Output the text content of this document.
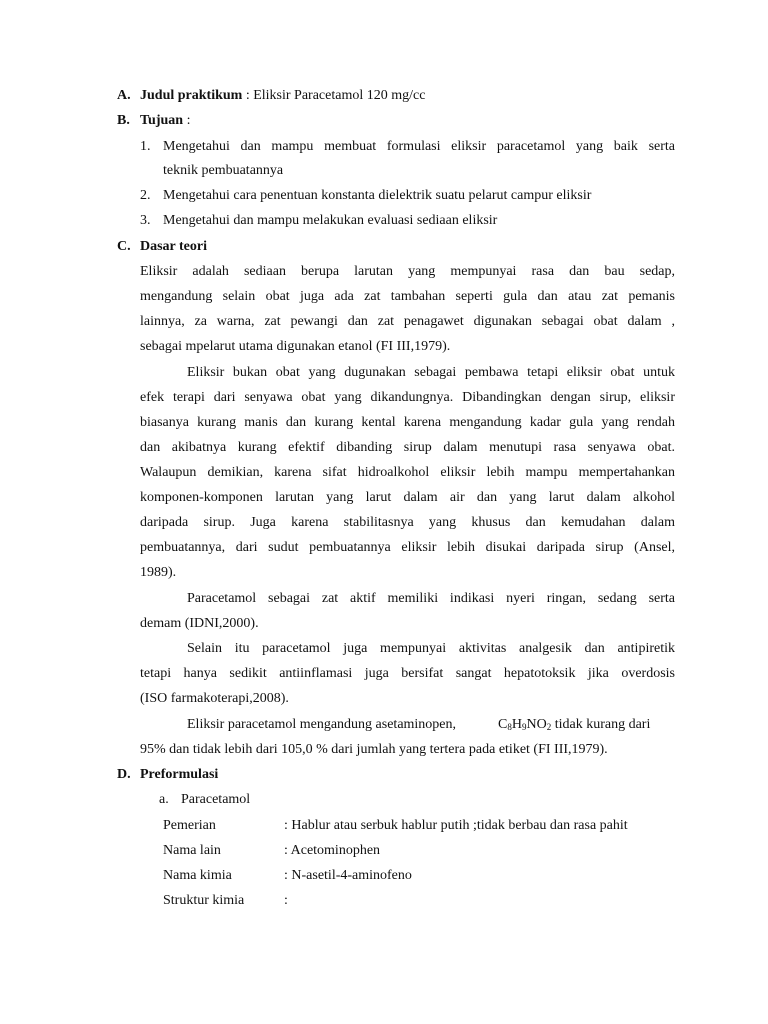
A. Judul praktikum : Eliksir Paracetamol 120 mg/cc
B. Tujuan :
1. Mengetahui dan mampu membuat formulasi eliksir paracetamol yang baik serta
teknik pembuatannya
2. Mengetahui cara penentuan konstanta dielektrik suatu pelarut campur eliksir
3. Mengetahui dan mampu melakukan evaluasi sediaan eliksir
C. Dasar teori
Eliksir adalah sediaan berupa larutan yang mempunyai rasa dan bau sedap,
mengandung selain obat juga ada zat tambahan seperti gula dan atau zat pemanis
lainnya, za warna, zat pewangi dan zat penagawet digunakan sebagai obat dalam ,
sebagai mpelarut utama digunakan etanol (FI III,1979).
Eliksir bukan obat yang dugunakan sebagai pembawa tetapi eliksir obat untuk
efek terapi dari senyawa obat yang dikandungnya. Dibandingkan dengan sirup, eliksir
biasanya kurang manis dan kurang kental karena mengandung kadar gula yang rendah
dan akibatnya kurang efektif dibanding sirup dalam menutupi rasa senyawa obat.
Walaupun demikian, karena sifat hidroalkohol eliksir lebih mampu mempertahankan
komponen-komponen larutan yang larut dalam air dan yang larut dalam alkohol
daripada sirup. Juga karena stabilitasnya yang khusus dan kemudahan dalam
pembuatannya, dari sudut pembuatannya eliksir lebih disukai daripada sirup (Ansel,
1989).
Paracetamol sebagai zat aktif memiliki indikasi nyeri ringan, sedang serta
demam (IDNI,2000).
Selain itu paracetamol juga mempunyai aktivitas analgesik dan antipiretik
tetapi hanya sedikit antiinflamasi juga bersifat sangat hepatotoksik jika overdosis
(ISO farmakoterapi,2008).
Eliksir paracetamol mengandung asetaminopen,	$C_8H_9NO_2$ tidak kurang dari
95% dan tidak lebih dari 105,0 % dari jumlah yang tertera pada etiket (FI III,1979).
D. Preformulasi
a. Paracetamol
Pemerian	: Hablur atau serbuk hablur putih ;tidak berbau dan rasa pahit
Nama lain	: Acetominophen
Nama kimia	: N-asetil-4-aminofeno
Struktur kimia	:
